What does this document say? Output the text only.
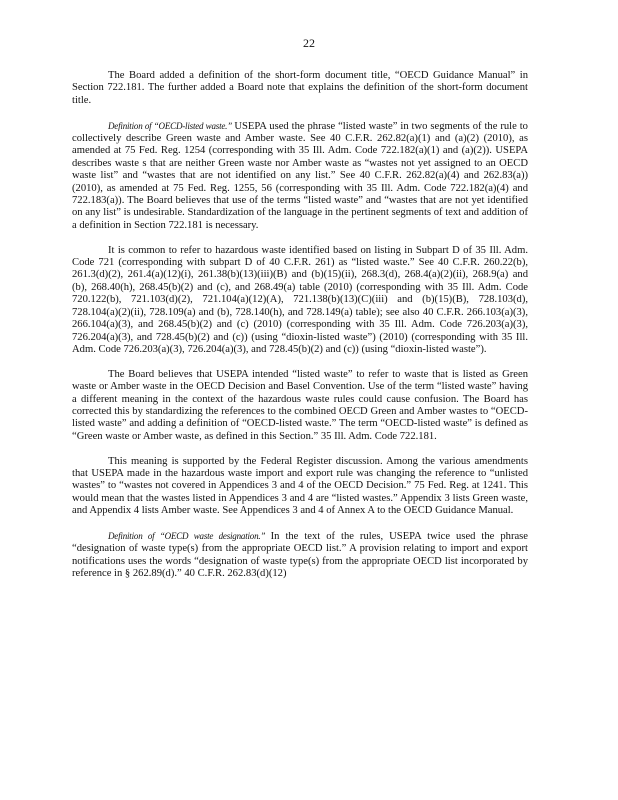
22

The Board added a definition of the short-form document title, “OECD Guidance Manual” in Section 722.181. The further added a Board note that explains the definition of the short-form document title.

Definition of “OECD-listed waste.” USEPA used the phrase “listed waste” in two segments of the rule to collectively describe Green waste and Amber waste. See 40 C.F.R. 262.82(a)(1) and (a)(2) (2010), as amended at 75 Fed. Reg. 1254 (corresponding with 35 Ill. Adm. Code 722.182(a)(1) and (a)(2)). USEPA describes waste s that are neither Green waste nor Amber waste as “wastes not yet assigned to an OECD waste list” and “wastes that are not identified on any list.” See 40 C.F.R. 262.82(a)(4) and 262.83(a)) (2010), as amended at 75 Fed. Reg. 1255, 56 (corresponding with 35 Ill. Adm. Code 722.182(a)(4) and 722.183(a)). The Board believes that use of the terms “listed waste” and “wastes that are not yet identified on any list” is undesirable. Standardization of the language in the pertinent segments of text and addition of a definition in Section 722.181 is necessary.

It is common to refer to hazardous waste identified based on listing in Subpart D of 35 Ill. Adm. Code 721 (corresponding with subpart D of 40 C.F.R. 261) as “listed waste.” See 40 C.F.R. 260.22(b), 261.3(d)(2), 261.4(a)(12)(i), 261.38(b)(13)(iii)(B) and (b)(15)(ii), 268.3(d), 268.4(a)(2)(ii), 268.9(a) and (b), 268.40(h), 268.45(b)(2) and (c), and 268.49(a) table (2010) (corresponding with 35 Ill. Adm. Code 720.122(b), 721.103(d)(2), 721.104(a)(12)(A), 721.138(b)(13)(C)(iii) and (b)(15)(B), 728.103(d), 728.104(a)(2)(ii), 728.109(a) and (b), 728.140(h), and 728.149(a) table); see also 40 C.F.R. 266.103(a)(3), 266.104(a)(3), and 268.45(b)(2) and (c) (2010) (corresponding with 35 Ill. Adm. Code 726.203(a)(3), 726.204(a)(3), and 728.45(b)(2) and (c)) (using “dioxin-listed waste”) (2010) (corresponding with 35 Ill. Adm. Code 726.203(a)(3), 726.204(a)(3), and 728.45(b)(2) and (c)) (using “dioxin-listed waste”).

The Board believes that USEPA intended “listed waste” to refer to waste that is listed as Green waste or Amber waste in the OECD Decision and Basel Convention. Use of the term “listed waste” having a different meaning in the context of the hazardous waste rules could cause confusion. The Board has corrected this by standardizing the references to the combined OECD Green and Amber wastes to “OECD-listed waste” and adding a definition of “OECD-listed waste.” The term “OECD-listed waste” is defined as “Green waste or Amber waste, as defined in this Section.” 35 Ill. Adm. Code 722.181.

This meaning is supported by the Federal Register discussion. Among the various amendments that USEPA made in the hazardous waste import and export rule was changing the reference to “unlisted wastes” to “wastes not covered in Appendices 3 and 4 of the OECD Decision.” 75 Fed. Reg. at 1241. This would mean that the wastes listed in Appendices 3 and 4 are “listed wastes.” Appendix 3 lists Green waste, and Appendix 4 lists Amber waste. See Appendices 3 and 4 of Annex A to the OECD Guidance Manual.

Definition of “OECD waste designation.” In the text of the rules, USEPA twice used the phrase “designation of waste type(s) from the appropriate OECD list.” A provision relating to import and export notifications uses the words “designation of waste type(s) from the appropriate OECD list incorporated by reference in § 262.89(d).” 40 C.F.R. 262.83(d)(12)
